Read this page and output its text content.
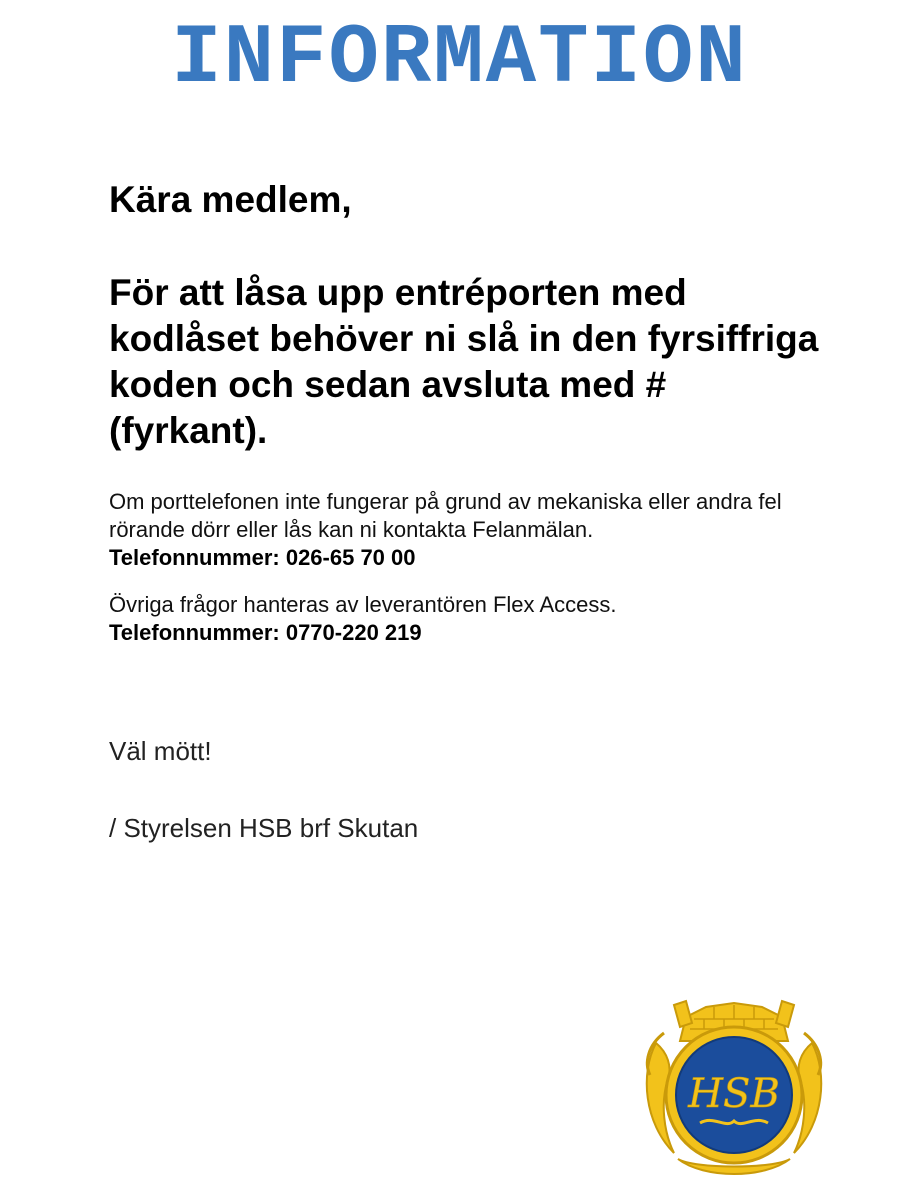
INFORMATION

Kära medlem,

För att låsa upp entréporten med kodlåset behöver ni slå in den fyrsiffriga koden och sedan avsluta med # (fyrkant).

Om porttelefonen inte fungerar på grund av mekaniska eller andra fel rörande dörr eller lås kan ni kontakta Felanmälan.
Telefonnummer: 026-65 70 00

Övriga frågor hanteras av leverantören Flex Access.
Telefonnummer: 0770-220 219

Väl mött!

/ Styrelsen HSB brf Skutan

HSB
